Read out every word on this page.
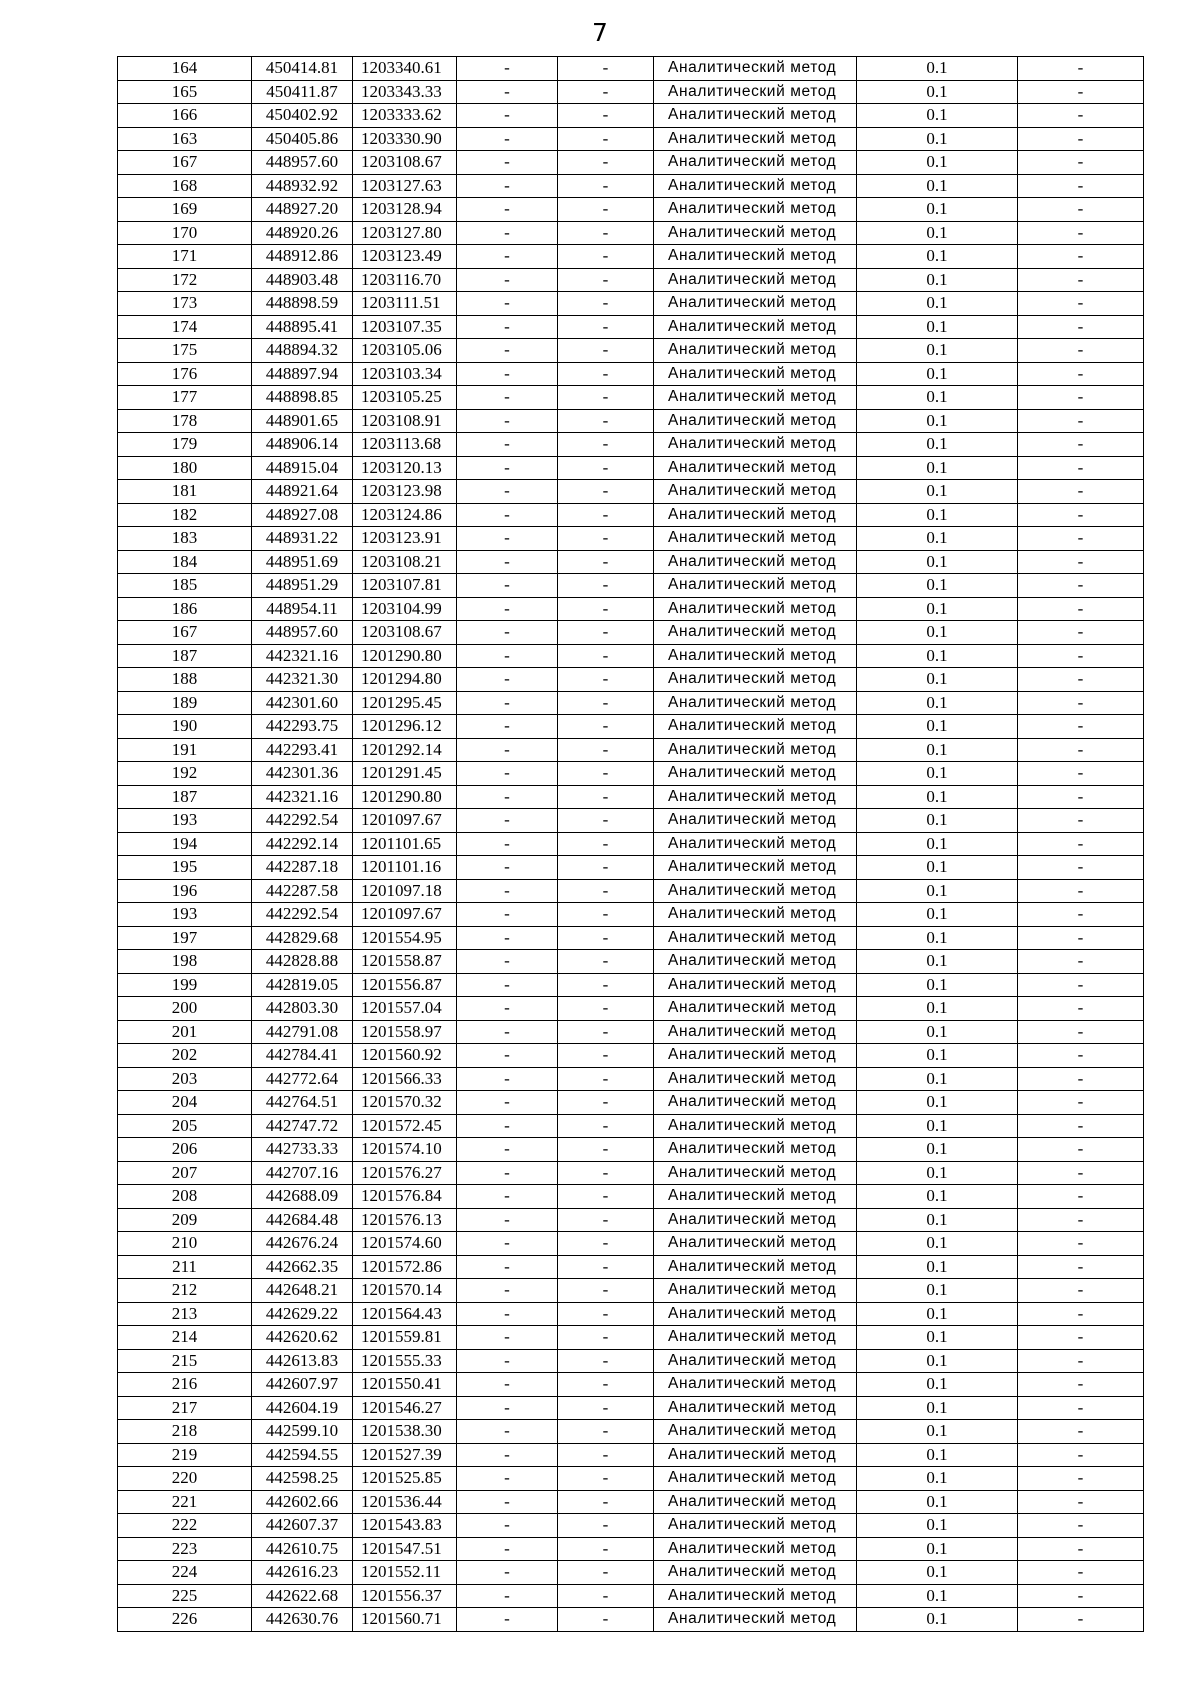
7
164	450414.81	1203340.61	-	-	Аналитический метод	0.1	-
165	450411.87	1203343.33	-	-	Аналитический метод	0.1	-
166	450402.92	1203333.62	-	-	Аналитический метод	0.1	-
163	450405.86	1203330.90	-	-	Аналитический метод	0.1	-
167	448957.60	1203108.67	-	-	Аналитический метод	0.1	-
168	448932.92	1203127.63	-	-	Аналитический метод	0.1	-
169	448927.20	1203128.94	-	-	Аналитический метод	0.1	-
170	448920.26	1203127.80	-	-	Аналитический метод	0.1	-
171	448912.86	1203123.49	-	-	Аналитический метод	0.1	-
172	448903.48	1203116.70	-	-	Аналитический метод	0.1	-
173	448898.59	1203111.51	-	-	Аналитический метод	0.1	-
174	448895.41	1203107.35	-	-	Аналитический метод	0.1	-
175	448894.32	1203105.06	-	-	Аналитический метод	0.1	-
176	448897.94	1203103.34	-	-	Аналитический метод	0.1	-
177	448898.85	1203105.25	-	-	Аналитический метод	0.1	-
178	448901.65	1203108.91	-	-	Аналитический метод	0.1	-
179	448906.14	1203113.68	-	-	Аналитический метод	0.1	-
180	448915.04	1203120.13	-	-	Аналитический метод	0.1	-
181	448921.64	1203123.98	-	-	Аналитический метод	0.1	-
182	448927.08	1203124.86	-	-	Аналитический метод	0.1	-
183	448931.22	1203123.91	-	-	Аналитический метод	0.1	-
184	448951.69	1203108.21	-	-	Аналитический метод	0.1	-
185	448951.29	1203107.81	-	-	Аналитический метод	0.1	-
186	448954.11	1203104.99	-	-	Аналитический метод	0.1	-
167	448957.60	1203108.67	-	-	Аналитический метод	0.1	-
187	442321.16	1201290.80	-	-	Аналитический метод	0.1	-
188	442321.30	1201294.80	-	-	Аналитический метод	0.1	-
189	442301.60	1201295.45	-	-	Аналитический метод	0.1	-
190	442293.75	1201296.12	-	-	Аналитический метод	0.1	-
191	442293.41	1201292.14	-	-	Аналитический метод	0.1	-
192	442301.36	1201291.45	-	-	Аналитический метод	0.1	-
187	442321.16	1201290.80	-	-	Аналитический метод	0.1	-
193	442292.54	1201097.67	-	-	Аналитический метод	0.1	-
194	442292.14	1201101.65	-	-	Аналитический метод	0.1	-
195	442287.18	1201101.16	-	-	Аналитический метод	0.1	-
196	442287.58	1201097.18	-	-	Аналитический метод	0.1	-
193	442292.54	1201097.67	-	-	Аналитический метод	0.1	-
197	442829.68	1201554.95	-	-	Аналитический метод	0.1	-
198	442828.88	1201558.87	-	-	Аналитический метод	0.1	-
199	442819.05	1201556.87	-	-	Аналитический метод	0.1	-
200	442803.30	1201557.04	-	-	Аналитический метод	0.1	-
201	442791.08	1201558.97	-	-	Аналитический метод	0.1	-
202	442784.41	1201560.92	-	-	Аналитический метод	0.1	-
203	442772.64	1201566.33	-	-	Аналитический метод	0.1	-
204	442764.51	1201570.32	-	-	Аналитический метод	0.1	-
205	442747.72	1201572.45	-	-	Аналитический метод	0.1	-
206	442733.33	1201574.10	-	-	Аналитический метод	0.1	-
207	442707.16	1201576.27	-	-	Аналитический метод	0.1	-
208	442688.09	1201576.84	-	-	Аналитический метод	0.1	-
209	442684.48	1201576.13	-	-	Аналитический метод	0.1	-
210	442676.24	1201574.60	-	-	Аналитический метод	0.1	-
211	442662.35	1201572.86	-	-	Аналитический метод	0.1	-
212	442648.21	1201570.14	-	-	Аналитический метод	0.1	-
213	442629.22	1201564.43	-	-	Аналитический метод	0.1	-
214	442620.62	1201559.81	-	-	Аналитический метод	0.1	-
215	442613.83	1201555.33	-	-	Аналитический метод	0.1	-
216	442607.97	1201550.41	-	-	Аналитический метод	0.1	-
217	442604.19	1201546.27	-	-	Аналитический метод	0.1	-
218	442599.10	1201538.30	-	-	Аналитический метод	0.1	-
219	442594.55	1201527.39	-	-	Аналитический метод	0.1	-
220	442598.25	1201525.85	-	-	Аналитический метод	0.1	-
221	442602.66	1201536.44	-	-	Аналитический метод	0.1	-
222	442607.37	1201543.83	-	-	Аналитический метод	0.1	-
223	442610.75	1201547.51	-	-	Аналитический метод	0.1	-
224	442616.23	1201552.11	-	-	Аналитический метод	0.1	-
225	442622.68	1201556.37	-	-	Аналитический метод	0.1	-
226	442630.76	1201560.71	-	-	Аналитический метод	0.1	-
